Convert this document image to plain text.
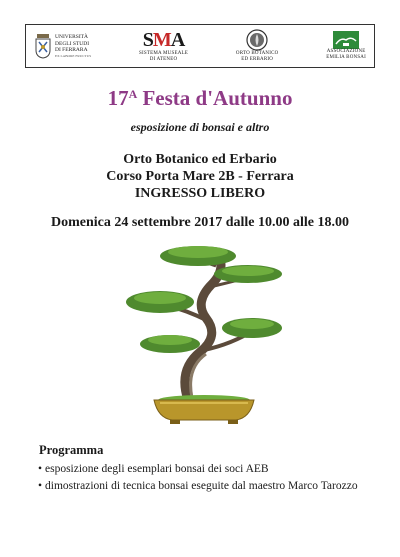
UNIVERSITÀ
DEGLI STUDI
DI FERRARA
EX LABORE FRUCTUS
SMA
SISTEMA MUSEALE
DI ATENEO
ORTO BOTANICO
ED ERBARIO
ASSOCIAZIONE
EMILIA BONSAI
$17^A$ Festa d'Autunno
esposizione di bonsai e altro
Orto Botanico ed Erbario
Corso Porta Mare 2B - Ferrara
INGRESSO LIBERO
Domenica 24 settembre 2017 dalle 10.00 alle 18.00
Programma
• esposizione degli esemplari bonsai dei soci AEB
• dimostrazioni di tecnica bonsai eseguite dal maestro Marco Tarozzo
